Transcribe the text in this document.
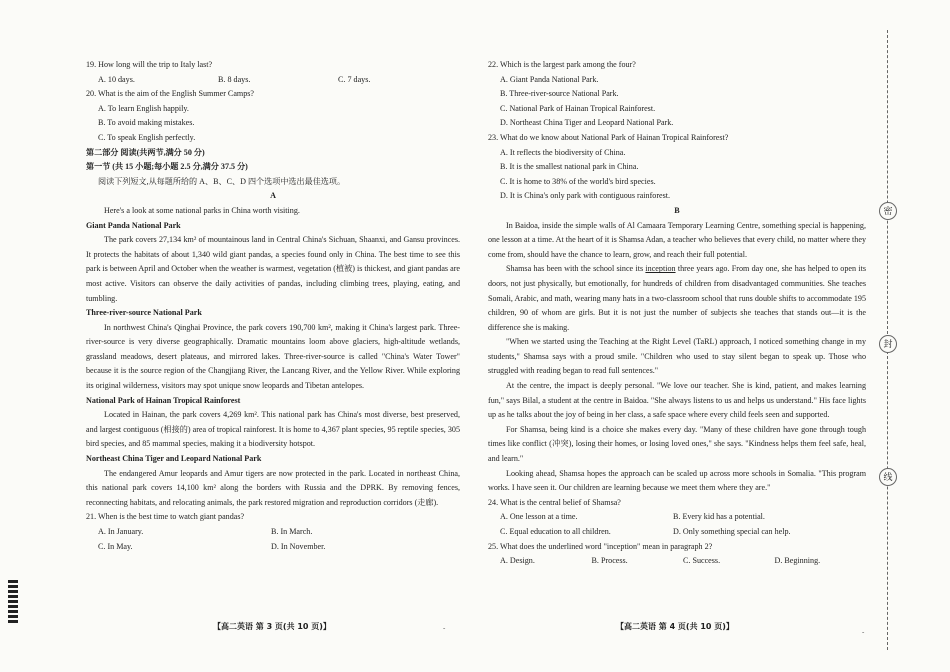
19. How long will the trip to Italy last?

A. 10 days.	B. 8 days.	C. 7 days.

20. What is the aim of the English Summer Camps?

A. To learn English happily.

B. To avoid making mistakes.

C. To speak English perfectly.

第二部分 阅读(共两节,满分 50 分)

第一节 (共 15 小题;每小题 2.5 分,满分 37.5 分)

阅读下列短文,从每题所给的 A、B、C、D 四个选项中选出最佳选项。

A

Here's a look at some national parks in China worth visiting.

Giant Panda National Park

The park covers 27,134 km² of mountainous land in Central China's Sichuan, Shaanxi, and Gansu provinces. It protects the habitats of about 1,340 wild giant pandas, a species found only in China. The best time to see this park is between April and October when the weather is warmest, vegetation (植被) is thickest, and giant pandas are most active. Visitors can observe the daily activities of pandas, including climbing trees, playing, eating, and tumbling.

Three-river-source National Park

In northwest China's Qinghai Province, the park covers 190,700 km², making it China's largest park. Three-river-source is very diverse geographically. Dramatic mountains loom above glaciers, high-altitude wetlands, grassland meadows, desert plateaus, and mirrored lakes. Three-river-source is called "China's Water Tower" because it is the source region of the Changjiang River, the Lancang River, and the Yellow River. While exploring its original wilderness, visitors may spot unique snow leopards and Tibetan antelopes.

National Park of Hainan Tropical Rainforest

Located in Hainan, the park covers 4,269 km². This national park has China's most diverse, best preserved, and largest contiguous (相接的) area of tropical rainforest. It is home to 4,367 plant species, 95 reptile species, 305 bird species, and 85 mammal species, making it a biodiversity hotspot.

Northeast China Tiger and Leopard National Park

The endangered Amur leopards and Amur tigers are now protected in the park. Located in northeast China, this national park covers 14,100 km² along the borders with Russia and the DPRK. By removing fences, reconnecting habitats, and relocating animals, the park restored migration and reproduction corridors (走廊).

21. When is the best time to watch giant pandas?

A. In January.	B. In March.
C. In May.	D. In November.

22. Which is the largest park among the four?

A. Giant Panda National Park.

B. Three-river-source National Park.

C. National Park of Hainan Tropical Rainforest.

D. Northeast China Tiger and Leopard National Park.

23. What do we know about National Park of Hainan Tropical Rainforest?

A. It reflects the biodiversity of China.

B. It is the smallest national park in China.

C. It is home to 38% of the world's bird species.

D. It is China's only park with contiguous rainforest.

B

In Baidoa, inside the simple walls of Al Camaara Temporary Learning Centre, something special is happening, one lesson at a time. At the heart of it is Shamsa Adan, a teacher who believes that every child, no matter where they come from, should have the chance to learn, grow, and reach their full potential.

Shamsa has been with the school since its inception three years ago. From day one, she has helped to open its doors, not just physically, but emotionally, for hundreds of children from disadvantaged communities. She teaches Somali, Arabic, and math, wearing many hats in a two-classroom school that runs double shifts to accommodate 195 children, 90 of whom are girls. But it is not just the number of subjects she teaches that stands out—it is the difference she is making.

"When we started using the Teaching at the Right Level (TaRL) approach, I noticed something change in my students," Shamsa says with a proud smile. "Children who used to stay silent began to speak up. Those who struggled with reading began to read full sentences."

At the centre, the impact is deeply personal. "We love our teacher. She is kind, patient, and makes learning fun," says Bilal, a student at the centre in Baidoa. "She always listens to us and helps us understand." His face lights up as he talks about the joy of being in her class, a safe space where every child feels seen and supported.

For Shamsa, being kind is a choice she makes every day. "Many of these children have gone through tough times like conflict (冲突), losing their homes, or losing loved ones," she says. "Kindness helps them feel safe, heal, and learn."

Looking ahead, Shamsa hopes the approach can be scaled up across more schools in Somalia. "This program works. I have seen it. Our children are learning because we meet them where they are."

24. What is the central belief of Shamsa?

A. One lesson at a time.	B. Every kid has a potential.
C. Equal education to all children.	D. Only something special can help.

25. What does the underlined word "inception" mean in paragraph 2?

A. Design.	B. Process.	C. Success.	D. Beginning.
【高二英语 第 3 页(共 10 页)】	【高二英语 第 4 页(共 10 页)】
密
封
线
-	-
